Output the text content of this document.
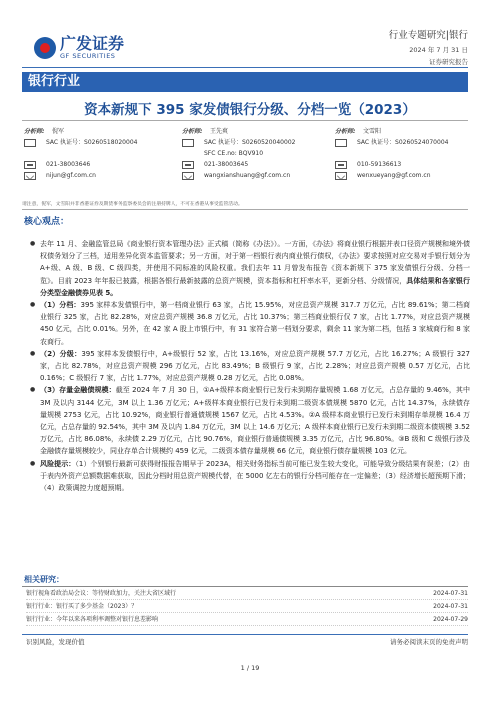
广发证券
GF SECURITIES
行业专题研究|银行
2024 年 7 月 31 日
证券研究报告
银行行业
资本新规下 395 家发债银行分级、分档一览（2023）
分析师: 倪军
SAC 执证号：S0260518020004
021-38003646
nijun@gf.com.cn
分析师: 王先爽
SAC 执证号：S0260520040002
SFC CE.no: BQV910
021-38003645
wangxianshuang@gf.com.cn
分析师: 文雪阳
SAC 执证号：S0260524070004
010-59136613
wenxueyang@gf.com.cn
请注意，倪军，文雪阳并非香港证券及期货事务监察委员会的注册持牌人，不可在香港从事受监管活动。
核心观点：
● 去年 11 月、金融监管总局《商业银行资本管理办法》正式稿（简称《办法》）。一方面，《办法》将商业银行根据并表口径资产规模和境外债权债务划分了三档，适用差异化资本监管要求；另一方面，对于第一档银行表内商业银行债权，《办法》要求按照对应交易对手银行划分为 A+级、A 级、B 级、C 级四类，并使用不同标准的风险权重。我们去年 11 月曾发布报告《资本新规下 375 家发债银行分级、分档一览》。目前 2023 年年报已披露，根据各银行最新披露的总资产规模，资本指标和杠杆率水平，更新分档、分级情况，具体结果和各家银行分类型金融债券见表 5。
● （1）分档：395 家样本发债银行中，第一档商业银行 63 家，占比 15.95%，对应总资产规模 317.7 万亿元，占比 89.61%；第二档商业银行 325 家，占比 82.28%，对应总资产规模 36.8 万亿元，占比 10.37%；第三档商业银行仅 7 家，占比 1.77%，对应总资产规模 450 亿元，占比 0.01%。另外，在 42 家 A 股上市银行中，有 31 家符合第一档划分要求，剩余 11 家为第二档，包括 3 家城商行和 8 家农商行。
● （2）分级：395 家样本发债银行中，A+级银行 52 家，占比 13.16%，对应总资产规模 57.7 万亿元，占比 16.27%；A 级银行 327 家，占比 82.78%，对应总资产规模 296 万亿元，占比 83.49%；B 级银行 9 家，占比 2.28%；对应总资产规模 0.57 万亿元，占比 0.16%；C 级银行 7 家，占比 1.77%，对应总资产规模 0.28 万亿元，占比 0.08%。
● （3）存量金融债规模：截至 2024 年 7 月 30 日，①A+级样本商业银行已发行未到期存量规模 1.68 万亿元，占总存量的 9.46%，其中 3M 及以内 3144 亿元，3M 以上 1.36 万亿元；A+级样本商业银行已发行未到期二级资本债规模 5870 亿元，占比 14.37%，永续债存量规模 2753 亿元，占比 10.92%，商业银行普通债规模 1567 亿元，占比 4.53%。②A 级样本商业银行已发行未到期存单规模 16.4 万亿元，占总存量的 92.54%，其中 3M 及以内 1.84 万亿元，3M 以上 14.6 万亿元；A 级样本商业银行已发行未到期二级资本债规模 3.52 万亿元，占比 86.08%，永续债 2.29 万亿元，占比 90.76%，商业银行普通债规模 3.35 万亿元，占比 96.80%。③B 级和 C 级银行涉及金融债存量规模较少，同业存单合计规模约 459 亿元，二级资本债存量规模 66 亿元，商业银行债存量规模 103 亿元。
● 风险提示：（1）个别银行最新可获得财报报告期早于 2023A，相关财务指标当前可能已发生较大变化，可能导致分级结果有误差；（2）由于表内外资产总额数据难获取，因此分档时用总资产规模代替，在 5000 亿左右的银行分档可能存在一定偏差；（3）经济增长超预期下滑；（4）政策调控力度超预期。
相关研究：
银行视角看政治局会议：等待财政加力，关注大省区域行	2024-07-31
银行行业：银行买了多少基金（2023）？	2024-07-31
银行行业：今年以来各项利率调整对银行息差影响	2024-07-29
识别风险，发现价值	请务必阅读末页的免责声明
1 / 19
